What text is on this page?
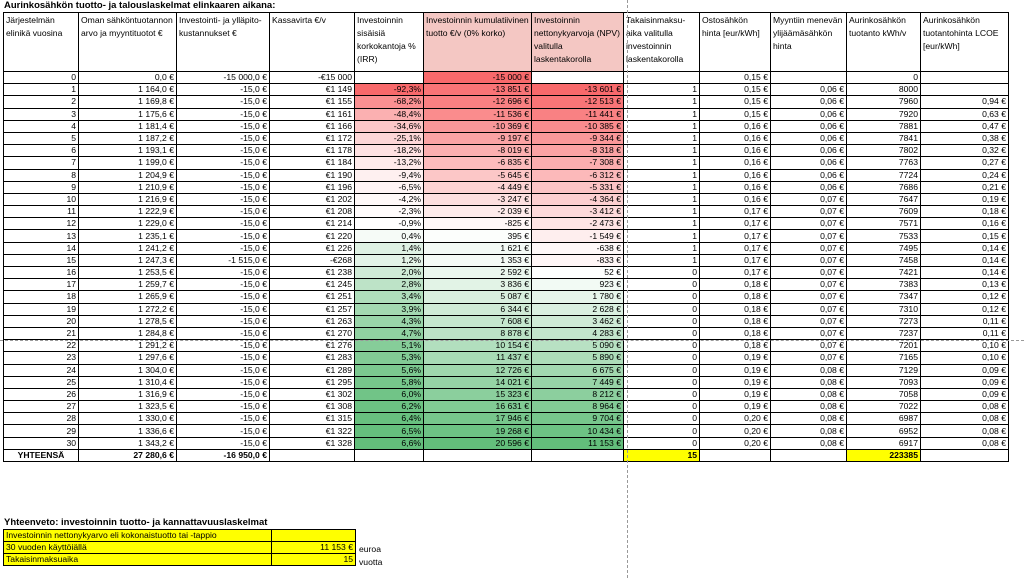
Aurinkosähkön tuotto- ja talouslaskelmat elinkaaren aikana:
Järjestelmän elinikä vuosina	Oman sähköntuotannon arvo ja myyntituotot €	Investointi- ja ylläpito-kustannukset €	Kassavirta €/v	Investoinnin sisäisiä korkokantoja % (IRR)	Investoinnin kumulatiivinen tuotto €/v (0% korko)	Investoinnin nettonykyarvoja (NPV) valitulla laskentakorolla	Takaisinmaksu-aika valitulla investoinnin laskentakorolla	Ostosähkön hinta [eur/kWh]	Myyntiin menevän ylijäämäsähkön hinta	Aurinkosähkön tuotanto kWh/v	Aurinkosähkön tuotantohinta LCOE [eur/kWh]
0	0,0 €	-15 000,0 €	-€15 000		-15 000 €			0,15 €		0	
1	1 164,0 €	-15,0 €	€1 149	-92,3%	-13 851 €	-13 601 €	1	0,15 €	0,06 €	8000	
2	1 169,8 €	-15,0 €	€1 155	-68,2%	-12 696 €	-12 513 €	1	0,15 €	0,06 €	7960	0,94 €
3	1 175,6 €	-15,0 €	€1 161	-48,4%	-11 536 €	-11 441 €	1	0,15 €	0,06 €	7920	0,63 €
4	1 181,4 €	-15,0 €	€1 166	-34,6%	-10 369 €	-10 385 €	1	0,16 €	0,06 €	7881	0,47 €
5	1 187,2 €	-15,0 €	€1 172	-25,1%	-9 197 €	-9 344 €	1	0,16 €	0,06 €	7841	0,38 €
6	1 193,1 €	-15,0 €	€1 178	-18,2%	-8 019 €	-8 318 €	1	0,16 €	0,06 €	7802	0,32 €
7	1 199,0 €	-15,0 €	€1 184	-13,2%	-6 835 €	-7 308 €	1	0,16 €	0,06 €	7763	0,27 €
8	1 204,9 €	-15,0 €	€1 190	-9,4%	-5 645 €	-6 312 €	1	0,16 €	0,06 €	7724	0,24 €
9	1 210,9 €	-15,0 €	€1 196	-6,5%	-4 449 €	-5 331 €	1	0,16 €	0,06 €	7686	0,21 €
10	1 216,9 €	-15,0 €	€1 202	-4,2%	-3 247 €	-4 364 €	1	0,16 €	0,07 €	7647	0,19 €
11	1 222,9 €	-15,0 €	€1 208	-2,3%	-2 039 €	-3 412 €	1	0,17 €	0,07 €	7609	0,18 €
12	1 229,0 €	-15,0 €	€1 214	-0,9%	-825 €	-2 473 €	1	0,17 €	0,07 €	7571	0,16 €
13	1 235,1 €	-15,0 €	€1 220	0,4%	395 €	-1 549 €	1	0,17 €	0,07 €	7533	0,15 €
14	1 241,2 €	-15,0 €	€1 226	1,4%	1 621 €	-638 €	1	0,17 €	0,07 €	7495	0,14 €
15	1 247,3 €	-1 515,0 €	-€268	1,2%	1 353 €	-833 €	1	0,17 €	0,07 €	7458	0,14 €
16	1 253,5 €	-15,0 €	€1 238	2,0%	2 592 €	52 €	0	0,17 €	0,07 €	7421	0,14 €
17	1 259,7 €	-15,0 €	€1 245	2,8%	3 836 €	923 €	0	0,18 €	0,07 €	7383	0,13 €
18	1 265,9 €	-15,0 €	€1 251	3,4%	5 087 €	1 780 €	0	0,18 €	0,07 €	7347	0,12 €
19	1 272,2 €	-15,0 €	€1 257	3,9%	6 344 €	2 628 €	0	0,18 €	0,07 €	7310	0,12 €
20	1 278,5 €	-15,0 €	€1 263	4,3%	7 608 €	3 462 €	0	0,18 €	0,07 €	7273	0,11 €
21	1 284,8 €	-15,0 €	€1 270	4,7%	8 878 €	4 283 €	0	0,18 €	0,07 €	7237	0,11 €
22	1 291,2 €	-15,0 €	€1 276	5,1%	10 154 €	5 090 €	0	0,18 €	0,07 €	7201	0,10 €
23	1 297,6 €	-15,0 €	€1 283	5,3%	11 437 €	5 890 €	0	0,19 €	0,07 €	7165	0,10 €
24	1 304,0 €	-15,0 €	€1 289	5,6%	12 726 €	6 675 €	0	0,19 €	0,08 €	7129	0,09 €
25	1 310,4 €	-15,0 €	€1 295	5,8%	14 021 €	7 449 €	0	0,19 €	0,08 €	7093	0,09 €
26	1 316,9 €	-15,0 €	€1 302	6,0%	15 323 €	8 212 €	0	0,19 €	0,08 €	7058	0,09 €
27	1 323,5 €	-15,0 €	€1 308	6,2%	16 631 €	8 964 €	0	0,19 €	0,08 €	7022	0,08 €
28	1 330,0 €	-15,0 €	€1 315	6,4%	17 946 €	9 704 €	0	0,20 €	0,08 €	6987	0,08 €
29	1 336,6 €	-15,0 €	€1 322	6,5%	19 268 €	10 434 €	0	0,20 €	0,08 €	6952	0,08 €
30	1 343,2 €	-15,0 €	€1 328	6,6%	20 596 €	11 153 €	0	0,20 €	0,08 €	6917	0,08 €
YHTEENSÄ	27 280,6 €	-16 950,0 €					15			223385	
Yhteenveto: investoinnin tuotto- ja kannattavuuslaskelmat
Investoinnin nettonykyarvo eli kokonaistuotto tai -tappio	
30 vuoden käyttöiällä	11 153 €
Takaisinmaksuaika	15
euroa
vuotta
